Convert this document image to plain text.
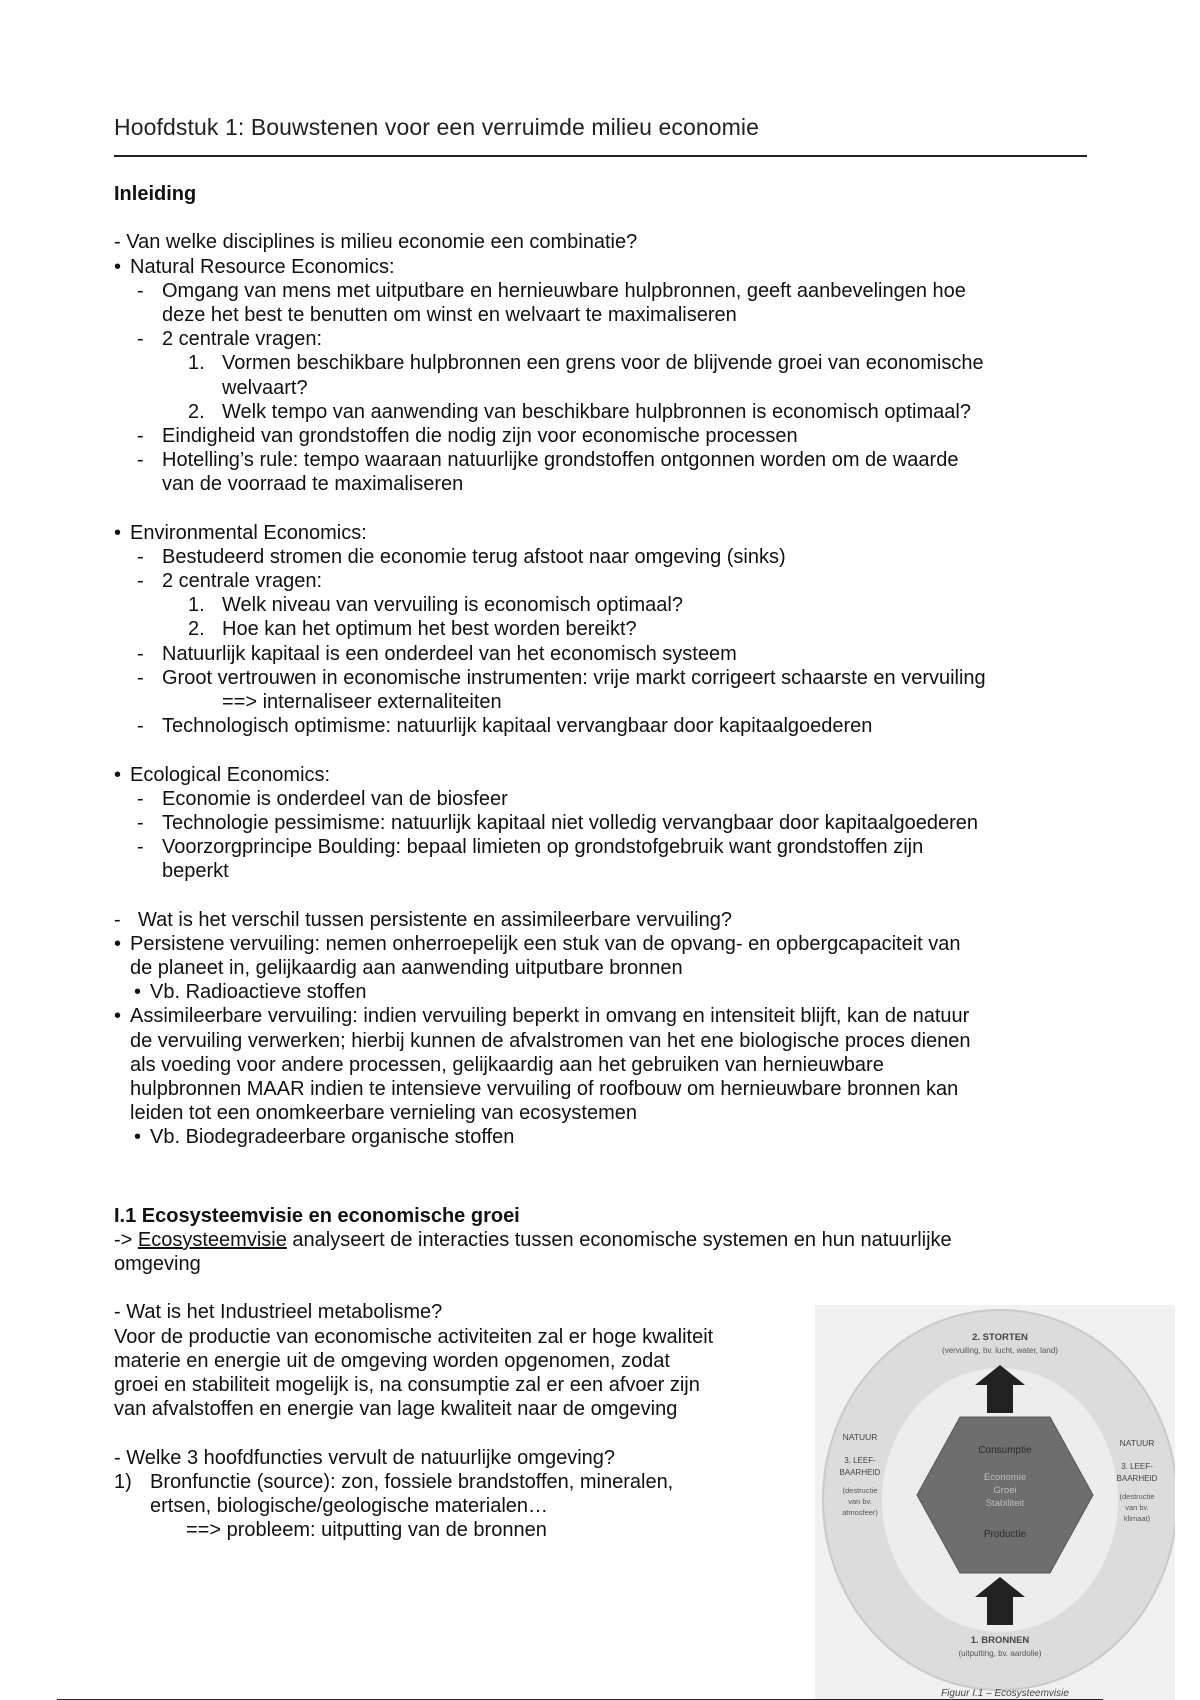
Hoofdstuk 1: Bouwstenen voor een verruimde milieu economie
Inleiding
- Van welke disciplines is milieu economie een combinatie?
• Natural Resource Economics:
- Omgang van mens met uitputbare en hernieuwbare hulpbronnen, geeft aanbevelingen hoe
deze het best te benutten om winst en welvaart te maximaliseren
- 2 centrale vragen:
1. Vormen beschikbare hulpbronnen een grens voor de blijvende groei van economische
welvaart?
2. Welk tempo van aanwending van beschikbare hulpbronnen is economisch optimaal?
- Eindigheid van grondstoffen die nodig zijn voor economische processen
- Hotelling’s rule: tempo waaraan natuurlijke grondstoffen ontgonnen worden om de waarde
van de voorraad te maximaliseren
• Environmental Economics:
- Bestudeerd stromen die economie terug afstoot naar omgeving (sinks)
- 2 centrale vragen:
1. Welk niveau van vervuiling is economisch optimaal?
2. Hoe kan het optimum het best worden bereikt?
- Natuurlijk kapitaal is een onderdeel van het economisch systeem
- Groot vertrouwen in economische instrumenten: vrije markt corrigeert schaarste en vervuiling
==> internaliseer externaliteiten
- Technologisch optimisme: natuurlijk kapitaal vervangbaar door kapitaalgoederen
• Ecological Economics:
- Economie is onderdeel van de biosfeer
- Technologie pessimisme: natuurlijk kapitaal niet volledig vervangbaar door kapitaalgoederen
- Voorzorgprincipe Boulding: bepaal limieten op grondstofgebruik want grondstoffen zijn
beperkt
- Wat is het verschil tussen persistente en assimileerbare vervuiling?
• Persistene vervuiling: nemen onherroepelijk een stuk van de opvang- en opbergcapaciteit van
de planeet in, gelijkaardig aan aanwending uitputbare bronnen
• Vb. Radioactieve stoffen
• Assimileerbare vervuiling: indien vervuiling beperkt in omvang en intensiteit blijft, kan de natuur
de vervuiling verwerken; hierbij kunnen de afvalstromen van het ene biologische proces dienen
als voeding voor andere processen, gelijkaardig aan het gebruiken van hernieuwbare
hulpbronnen MAAR indien te intensieve vervuiling of roofbouw om hernieuwbare bronnen kan
leiden tot een onomkeerbare vernieling van ecosystemen
• Vb. Biodegradeerbare organische stoffen
I.1 Ecosysteemvisie en economische groei
-> Ecosysteemvisie analyseert de interacties tussen economische systemen en hun natuurlijke
omgeving
- Wat is het Industrieel metabolisme?
Voor de productie van economische activiteiten zal er hoge kwaliteit
materie en energie uit de omgeving worden opgenomen, zodat
groei en stabiliteit mogelijk is, na consumptie zal er een afvoer zijn
van afvalstoffen en energie van lage kwaliteit naar de omgeving
- Welke 3 hoofdfuncties vervult de natuurlijke omgeving?
1) Bronfunctie (source): zon, fossiele brandstoffen, mineralen,
ertsen, biologische/geologische materialen…
==> probleem: uitputting van de bronnen
2. STORTEN
(vervuiling, bv. lucht, water, land)
NATUUR
3. LEEF-
BAARHEID
(destructie
van bv.
atmosfeer)
NATUUR
3. LEEF-
BAARHEID
(destructie
van bv.
klimaat)
Consumptie
Economie
Groei
Stabiliteit
Productie
1. BRONNEN
(uitputting, bv. aardolie)
Figuur I.1 – Ecosysteemvisie
